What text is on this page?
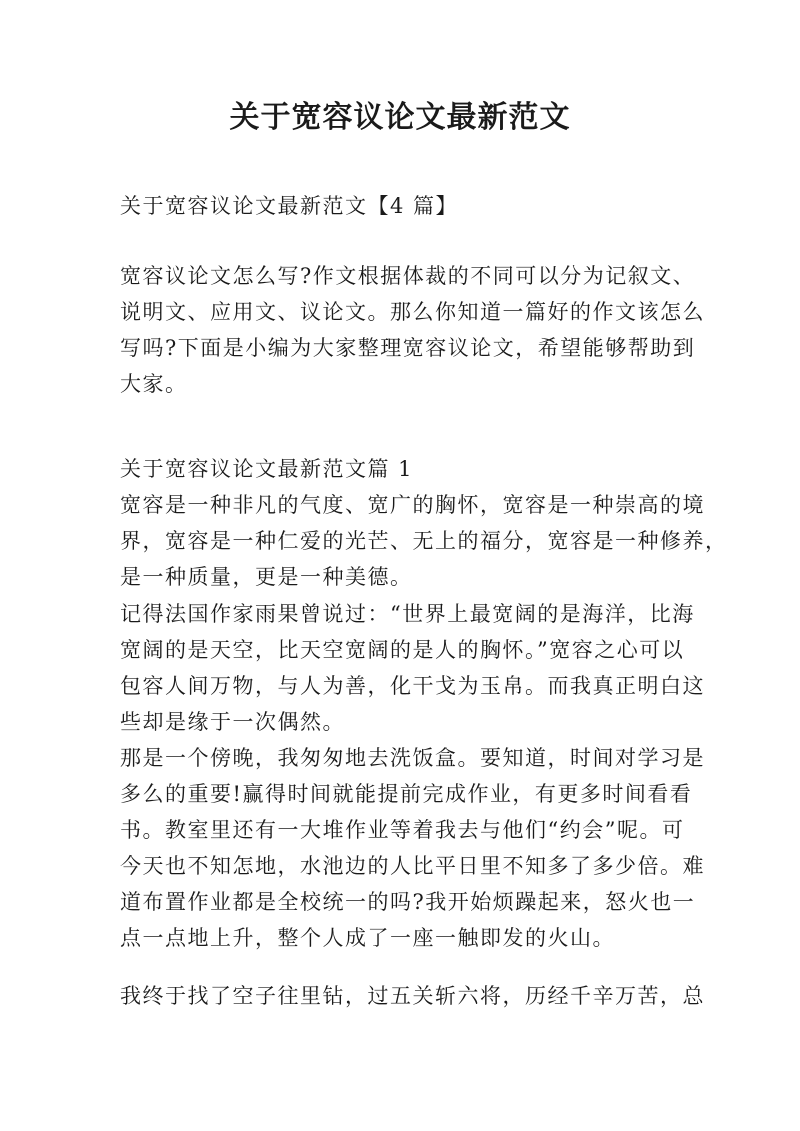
关于宽容议论文最新范文

关于宽容议论文最新范文【4 篇】

宽容议论文怎么写?作文根据体裁的不同可以分为记叙文、

说明文、应用文、议论文。那么你知道一篇好的作文该怎么

写吗?下面是小编为大家整理宽容议论文，希望能够帮助到

大家。

关于宽容议论文最新范文篇 1

宽容是一种非凡的气度、宽广的胸怀，宽容是一种崇高的境

界，宽容是一种仁爱的光芒、无上的福分，宽容是一种修养，

是一种质量，更是一种美德。

记得法国作家雨果曾说过：“世界上最宽阔的是海洋，比海

宽阔的是天空，比天空宽阔的是人的胸怀。”宽容之心可以

包容人间万物，与人为善，化干戈为玉帛。而我真正明白这

些却是缘于一次偶然。

那是一个傍晚，我匆匆地去洗饭盒。要知道，时间对学习是

多么的重要!赢得时间就能提前完成作业，有更多时间看看

书。教室里还有一大堆作业等着我去与他们“约会”呢。可

今天也不知怎地，水池边的人比平日里不知多了多少倍。难

道布置作业都是全校统一的吗?我开始烦躁起来，怒火也一

点一点地上升，整个人成了一座一触即发的火山。

我终于找了空子往里钻，过五关斩六将，历经千辛万苦，总
